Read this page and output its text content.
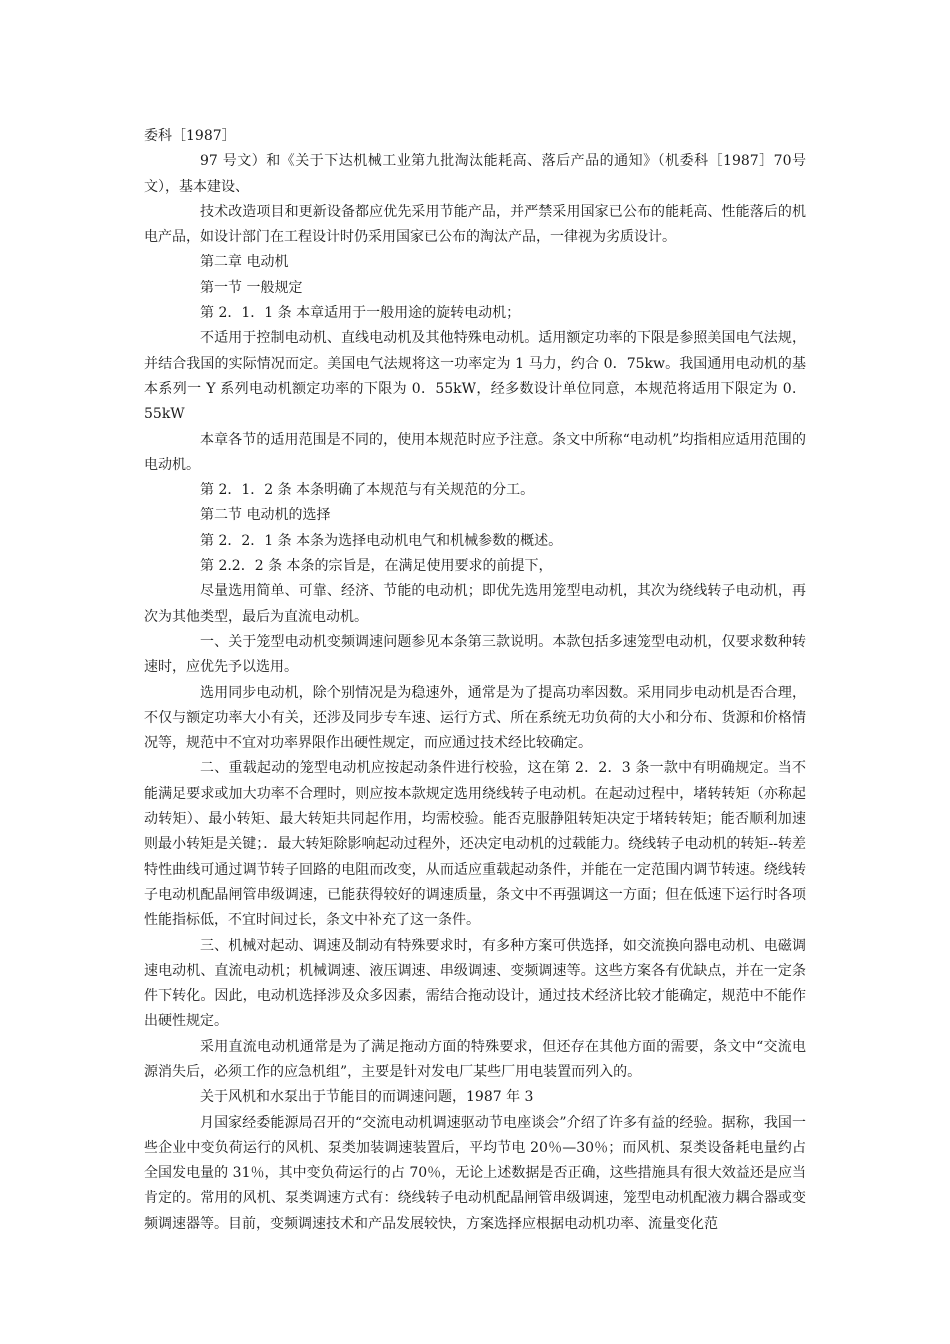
委科［1987］

97 号文）和《关于下达机械工业第九批淘汰能耗高、落后产品的通知》（机委科［1987］70号文），基本建设、

技术改造项目和更新设备都应优先采用节能产品，并严禁采用国家已公布的能耗高、性能落后的机电产品，如设计部门在工程设计时仍采用国家已公布的淘汰产品，一律视为劣质设计。

第二章 电动机

第一节 一般规定

第 2．1．1 条 本章适用于一般用途的旋转电动机；

不适用于控制电动机、直线电动机及其他特殊电动机。适用额定功率的下限是参照美国电气法规，并结合我国的实际情况而定。美国电气法规将这一功率定为 1 马力，约合 0．75kw。我国通用电动机的基本系列一 Y 系列电动机额定功率的下限为 0．55kW，经多数设计单位同意，本规范将适用下限定为 0．55kW

本章各节的适用范围是不同的，使用本规范时应予注意。条文中所称“电动机”均指相应适用范围的电动机。

第 2．1．2 条 本条明确了本规范与有关规范的分工。

第二节 电动机的选择

第 2．2．1 条 本条为选择电动机电气和机械参数的概述。

第 2.2．2 条 本条的宗旨是，在满足使用要求的前提下，

尽量选用简单、可靠、经济、节能的电动机；即优先选用笼型电动机，其次为绕线转子电动机，再次为其他类型，最后为直流电动机。

一、关于笼型电动机变频调速问题参见本条第三款说明。本款包括多速笼型电动机，仅要求数种转速时，应优先予以选用。

选用同步电动机，除个别情况是为稳速外，通常是为了提高功率因数。采用同步电动机是否合理，不仅与额定功率大小有关，还涉及同步专车速、运行方式、所在系统无功负荷的大小和分布、货源和价格情况等，规范中不宜对功率界限作出硬性规定，而应通过技术经比较确定。

二、重载起动的笼型电动机应按起动条件进行校验，这在第 2．2．3 条一款中有明确规定。当不能满足要求或加大功率不合理时，则应按本款规定选用绕线转子电动机。在起动过程中，堵转转矩（亦称起动转矩）、最小转矩、最大转矩共同起作用，均需校验。能否克服静阻转矩决定于堵转转矩；能否顺利加速则最小转矩是关键；．最大转矩除影响起动过程外，还决定电动机的过载能力。绕线转子电动机的转矩--转差特性曲线可通过调节转子回路的电阻而改变，从而适应重载起动条件，并能在一定范围内调节转速。绕线转子电动机配晶闸管串级调速，已能获得较好的调速质量，条文中不再强调这一方面；但在低速下运行时各项性能指标低，不宜时间过长，条文中补充了这一条件。

三、机械对起动、调速及制动有特殊要求时，有多种方案可供选择，如交流换向器电动机、电磁调速电动机、直流电动机；机械调速、液压调速、串级调速、变频调速等。这些方案各有优缺点，并在一定条件下转化。因此，电动机选择涉及众多因素，需结合拖动设计，通过技术经济比较才能确定，规范中不能作出硬性规定。

采用直流电动机通常是为了满足拖动方面的特殊要求，但还存在其他方面的需要，条文中“交流电源消失后，必须工作的应急机组”，主要是针对发电厂某些厂用电装置而列入的。

关于风机和水泵出于节能目的而调速问题，1987 年 3

月国家经委能源局召开的“交流电动机调速驱动节电座谈会”介绍了许多有益的经验。据称，我国一些企业中变负荷运行的风机、泵类加装调速装置后，平均节电 20％—30％；而风机、泵类设备耗电量约占全国发电量的 31％，其中变负荷运行的占 70％，无论上述数据是否正确，这些措施具有很大效益还是应当肯定的。常用的风机、泵类调速方式有：绕线转子电动机配晶闸管串级调速，笼型电动机配液力耦合器或变频调速器等。目前，变频调速技术和产品发展较快，方案选择应根据电动机功率、流量变化范
